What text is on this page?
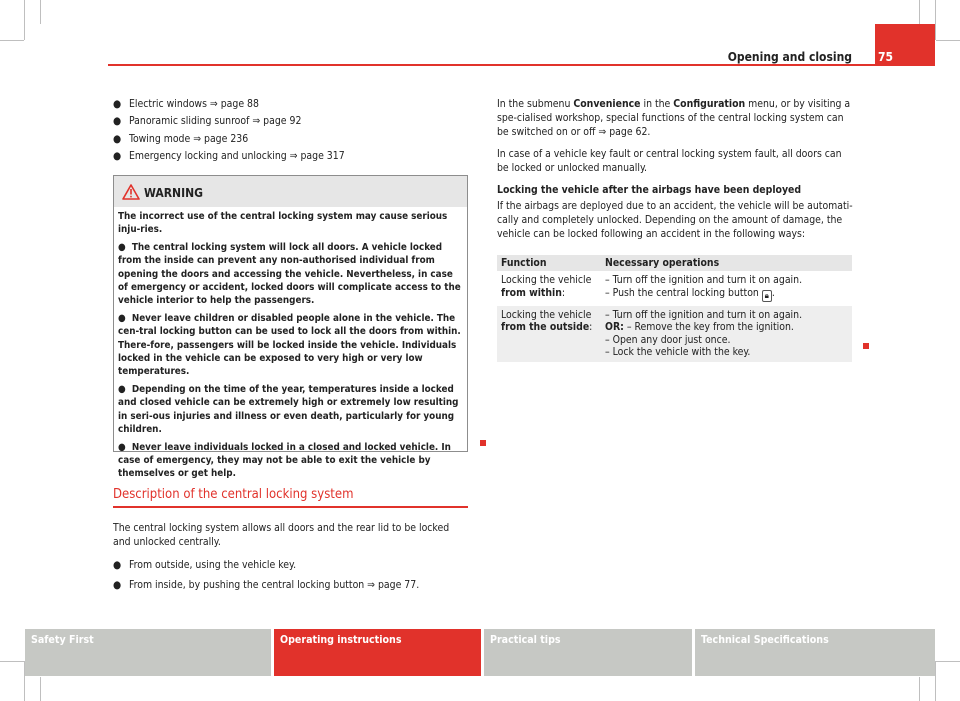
Opening and closing 75
● Electric windows ⇒ page 88
● Panoramic sliding sunroof ⇒ page 92
● Towing mode ⇒ page 236
● Emergency locking and unlocking ⇒ page 317
WARNING

The incorrect use of the central locking system may cause serious inju-ries.

●  The central locking system will lock all doors. A vehicle locked from the inside can prevent any non-authorised individual from opening the doors and accessing the vehicle. Nevertheless, in case of emergency or accident, locked doors will complicate access to the vehicle interior to help the passengers.

●  Never leave children or disabled people alone in the vehicle. The cen-tral locking button can be used to lock all the doors from within. There-fore, passengers will be locked inside the vehicle. Individuals locked in the vehicle can be exposed to very high or very low temperatures.

●  Depending on the time of the year, temperatures inside a locked and closed vehicle can be extremely high or extremely low resulting in seri-ous injuries and illness or even death, particularly for young children.

●  Never leave individuals locked in a closed and locked vehicle. In case of emergency, they may not be able to exit the vehicle by themselves or get help.

Description of the central locking system

The central locking system allows all doors and the rear lid to be locked and unlocked centrally.

● From outside, using the vehicle key.
● From inside, by pushing the central locking button ⇒ page 77.

In the submenu Convenience in the Configuration menu, or by visiting a spe-cialised workshop, special functions of the central locking system can be switched on or off ⇒ page 62.

In case of a vehicle key fault or central locking system fault, all doors can be locked or unlocked manually.

Locking the vehicle after the airbags have been deployed

If the airbags are deployed due to an accident, the vehicle will be automati-cally and completely unlocked. Depending on the amount of damage, the vehicle can be locked following an accident in the following ways:

Function	Necessary operations
Locking the vehicle
from within:	– Turn off the ignition and turn it on again.
– Push the central locking button 🔒︎ .
Locking the vehicle
from the outside:	– Turn off the ignition and turn it on again.
OR: – Remove the key from the ignition.
– Open any door just once.
– Lock the vehicle with the key.
Safety First	Operating instructions	Practical tips	Technical Specifications
